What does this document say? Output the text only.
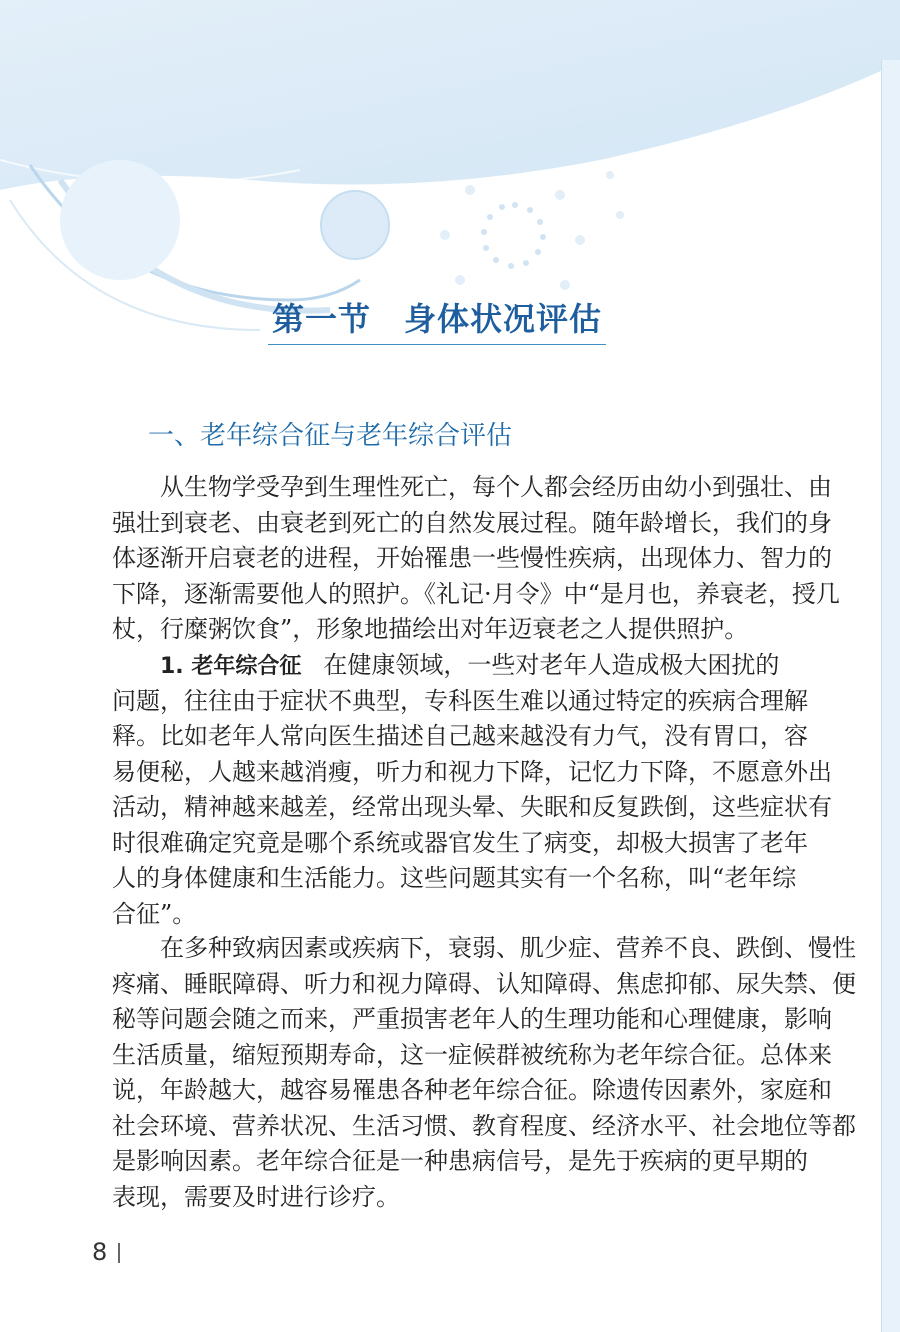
第一节　身体状况评估
一、老年综合征与老年综合评估
从生物学受孕到生理性死亡，每个人都会经历由幼小到强壮、由
强壮到衰老、由衰老到死亡的自然发展过程。随年龄增长，我们的身
体逐渐开启衰老的进程，开始罹患一些慢性疾病，出现体力、智力的
下降，逐渐需要他人的照护。《礼记·月令》中“是月也，养衰老，授几
杖，行糜粥饮食”，形象地描绘出对年迈衰老之人提供照护。
1. 老年综合征 在健康领域，一些对老年人造成极大困扰的
问题，往往由于症状不典型，专科医生难以通过特定的疾病合理解
释。比如老年人常向医生描述自己越来越没有力气，没有胃口，容
易便秘，人越来越消瘦，听力和视力下降，记忆力下降，不愿意外出
活动，精神越来越差，经常出现头晕、失眠和反复跌倒，这些症状有
时很难确定究竟是哪个系统或器官发生了病变，却极大损害了老年
人的身体健康和生活能力。这些问题其实有一个名称，叫“老年综
合征”。
在多种致病因素或疾病下，衰弱、肌少症、营养不良、跌倒、慢性
疼痛、睡眠障碍、听力和视力障碍、认知障碍、焦虑抑郁、尿失禁、便
秘等问题会随之而来，严重损害老年人的生理功能和心理健康，影响
生活质量，缩短预期寿命，这一症候群被统称为老年综合征。总体来
说，年龄越大，越容易罹患各种老年综合征。除遗传因素外，家庭和
社会环境、营养状况、生活习惯、教育程度、经济水平、社会地位等都
是影响因素。老年综合征是一种患病信号，是先于疾病的更早期的
表现，需要及时进行诊疗。
8
